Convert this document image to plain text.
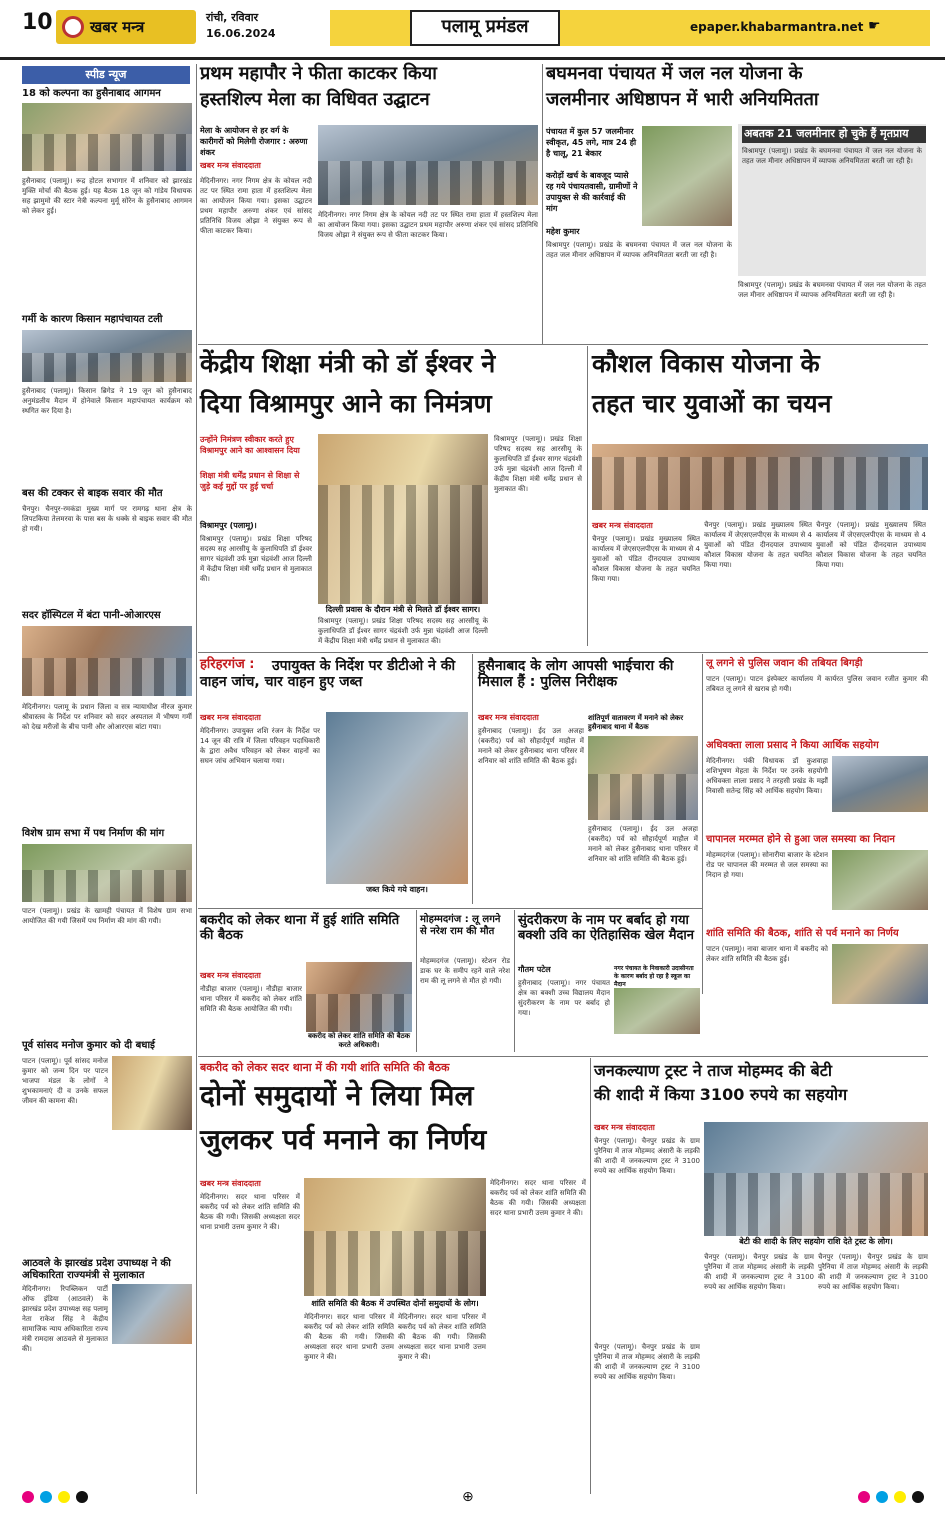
10 खबर मन्त्र
रांची, रविवार
16.06.2024	पलामू प्रमंडल	epaper.khabarmantra.net ☛
स्पीड न्यूज
18 को कल्पना का हुसैनाबाद आगमन
हुसैनाबाद (पलामू)। रूद्र होटल सभागार में शनिवार को झारखंड मुक्ति मोर्चा की बैठक हुई। यह बैठक 18 जून को गांडेय विधायक सह झामुमो की स्टार नेत्री कल्पना मुर्मू सोरेन के हुसैनाबाद आगमन को लेकर हुई।
गर्मी के कारण किसान महापंचायत टली
हुसैनाबाद (पलामू)। किसान ब्रिगेड ने 19 जून को हुसैनाबाद अनुमंडलीय मैदान में होनेवाले किसान महापंचायत कार्यक्रम को स्थगित कर दिया है।
बस की टक्कर से बाइक सवार की मौत
चैनपुर। चैनपुर-रमकंडा मुख्य मार्ग पर रामगढ़ थाना क्षेत्र के लिपटकिया तेलमरवा के पास बस के धक्के से बाइक सवार की मौत हो गयी।
सदर हॉस्पिटल में बंटा पानी-ओआरएस
मेदिनीनगर। पलामू के प्रधान जिला व सत्र न्यायाधीश नीरज कुमार श्रीवास्तव के निर्देश पर शनिवार को सदर अस्पताल में भीषण गर्मी को देख मरीजों के बीच पानी और ओआरएस बांटा गया।
विशेष ग्राम सभा में पथ निर्माण की मांग
पाटन (पलामू)। प्रखंड के खामही पंचायत में विशेष ग्राम सभा आयोजित की गयी जिसमें पथ निर्माण की मांग की गयी।
पूर्व सांसद मनोज कुमार को दी बधाई
पाटन (पलामू)। पूर्व सांसद मनोज कुमार को जन्म दिन पर पाटन भाजपा मंडल के लोगों ने शुभकामनाएं दी व उनके सफल जीवन की कामना की।
आठवले के झारखंड प्रदेश उपाध्यक्ष ने की अधिकारिता राज्यमंत्री से मुलाकात
मेदिनीनगर। रिपब्लिकन पार्टी ऑफ इंडिया (आठवले) के झारखंड प्रदेश उपाध्यक्ष सह पलामू नेता राकेश सिंह ने केंद्रीय सामाजिक न्याय अधिकारिता राज्य मंत्री रामदास आठवले से मुलाकात की।
प्रथम महापौर ने फीता काटकर किया
हस्तशिल्प मेला का विधिवत उद्घाटन
मेला के आयोजन से हर वर्ग के कारीगरों को मिलेगी रोजगार : अरुणा शंकर
खबर मन्त्र संवाददाता
मेदिनीनगर। नगर निगम क्षेत्र के कोयल नदी तट पर स्थित रामा हाता में हस्तशिल्प मेला का आयोजन किया गया। इसका उद्घाटन प्रथम महापौर अरुणा शंकर एवं सांसद प्रतिनिधि विजय ओझा ने संयुक्त रूप से फीता काटकर किया।
मेदिनीनगर। नगर निगम क्षेत्र के कोयल नदी तट पर स्थित रामा हाता में हस्तशिल्प मेला का आयोजन किया गया। इसका उद्घाटन प्रथम महापौर अरुणा शंकर एवं सांसद प्रतिनिधि विजय ओझा ने संयुक्त रूप से फीता काटकर किया।
बघमनवा पंचायत में जल नल योजना के
जलमीनार अधिष्ठापन में भारी अनियमितता
पंचायत में कुल 57 जलमीनार स्वीकृत, 45 लगे, मात्र 24 ही है चालू, 21 बेकार
करोड़ों खर्च के बावजूद प्यासे रह गये पंचायतवासी, ग्रामीणों ने उपायुक्त से की कार्रवाई की मांग
महेश कुमार
विश्रामपुर (पलामू)। प्रखंड के बघमनवा पंचायत में जल नल योजना के तहत जल मीनार अधिष्ठापन में व्यापक अनियमितता बरती जा रही है।
अबतक 21 जलमीनार हो चुके हैं मृतप्राय
विश्रामपुर (पलामू)। प्रखंड के बघमनवा पंचायत में जल नल योजना के तहत जल मीनार अधिष्ठापन में व्यापक अनियमितता बरती जा रही है।
विश्रामपुर (पलामू)। प्रखंड के बघमनवा पंचायत में जल नल योजना के तहत जल मीनार अधिष्ठापन में व्यापक अनियमितता बरती जा रही है।
केंद्रीय शिक्षा मंत्री को डॉ ईश्वर ने
दिया विश्रामपुर आने का निमंत्रण
उन्होंने निमंत्रण स्वीकार करते हुए विश्रामपुर आने का आश्वासन दिया
शिक्षा मंत्री धर्मेंद्र प्रधान से शिक्षा से जुड़े कई मुद्दों पर हुई चर्चा
दिल्ली प्रवास के दौरान मंत्री से मिलते डॉ ईश्वर सागर।
विश्रामपुर (पलामू)।
विश्रामपुर (पलामू)। प्रखंड शिक्षा परिषद सदस्य सह आरसीयू के कुलाधिपति डॉ ईश्वर सागर चंद्रवंशी उर्फ मुन्ना चंद्रवंशी आज दिल्ली में केंद्रीय शिक्षा मंत्री धर्मेंद्र प्रधान से मुलाकात की।
विश्रामपुर (पलामू)। प्रखंड शिक्षा परिषद सदस्य सह आरसीयू के कुलाधिपति डॉ ईश्वर सागर चंद्रवंशी उर्फ मुन्ना चंद्रवंशी आज दिल्ली में केंद्रीय शिक्षा मंत्री धर्मेंद्र प्रधान से मुलाकात की।
विश्रामपुर (पलामू)। प्रखंड शिक्षा परिषद सदस्य सह आरसीयू के कुलाधिपति डॉ ईश्वर सागर चंद्रवंशी उर्फ मुन्ना चंद्रवंशी आज दिल्ली में केंद्रीय शिक्षा मंत्री धर्मेंद्र प्रधान से मुलाकात की।
कौशल विकास योजना के
तहत चार युवाओं का चयन
खबर मन्त्र संवाददाता
चैनपुर (पलामू)। प्रखंड मुख्यालय स्थित कार्यालय में जेएसएलपीएस के माध्यम से 4 युवाओं को पंडित दीनदयाल उपाध्याय कौशल विकास योजना के तहत चयनित किया गया।
चैनपुर (पलामू)। प्रखंड मुख्यालय स्थित कार्यालय में जेएसएलपीएस के माध्यम से 4 युवाओं को पंडित दीनदयाल उपाध्याय कौशल विकास योजना के तहत चयनित किया गया।
चैनपुर (पलामू)। प्रखंड मुख्यालय स्थित कार्यालय में जेएसएलपीएस के माध्यम से 4 युवाओं को पंडित दीनदयाल उपाध्याय कौशल विकास योजना के तहत चयनित किया गया।
हरिहरगंज :	उपायुक्त के निर्देश पर डीटीओ ने की वाहन जांच, चार वाहन हुए जब्त
खबर मन्त्र संवाददाता
मेदिनीनगर। उपायुक्त शशि रंजन के निर्देश पर 14 जून की रात्रि में जिला परिवहन पदाधिकारी के द्वारा अवैध परिवहन को लेकर वाहनों का सघन जांच अभियान चलाया गया।
जब्त किये गये वाहन।
हुसैनाबाद के लोग आपसी भाईचारा की मिसाल हैं : पुलिस निरीक्षक
खबर मन्त्र संवाददाता	शांतिपूर्ण वातावरण में मनाने को लेकर हुसैनाबाद थाना में बैठक
हुसैनाबाद (पलामू)। ईद उल अजहा (बकरीद) पर्व को सौहार्दपूर्ण माहौल में मनाने को लेकर हुसैनाबाद थाना परिसर में शनिवार को शांति समिति की बैठक हुई।
हुसैनाबाद (पलामू)। ईद उल अजहा (बकरीद) पर्व को सौहार्दपूर्ण माहौल में मनाने को लेकर हुसैनाबाद थाना परिसर में शनिवार को शांति समिति की बैठक हुई।
लू लगने से पुलिस जवान की तबियत बिगड़ी
पाटन (पलामू)। पाटन इंस्पेक्टर कार्यालय में कार्यरत पुलिस जवान रजीत कुमार की तबियत लू लगने से खराब हो गयी।
अधिवक्ता लाला प्रसाद ने किया आर्थिक सहयोग
मेदिनीनगर। पंकी विधायक डॉ कुशवाहा शशिभूषण मेहता के निर्देश पर उनके सहयोगी अधिवक्ता लाला प्रसाद ने तरहसी प्रखंड के मझौं निवासी सतेन्द्र सिंह को आर्थिक सहयोग किया।
चापानल मरम्मत होने से हुआ जल समस्या का निदान
मोहम्मदगंज (पलामू)। सोनारीया बाजार के स्टेशन रोड पर चापानल की मरम्मत से जल समस्या का निदान हो गया।
शांति समिति की बैठक, शांति से पर्व मनाने का निर्णय
पाटन (पलामू)। नावा बाजार थाना में बकरीद को लेकर शांति समिति की बैठक हुई।
बकरीद को लेकर थाना में हुई शांति समिति की बैठक
खबर मन्त्र संवाददाता
बकरीद को लेकर शांति समिति की बैठक करते अधिकारी।
नौडीहा बाजार (पलामू)। नौडीहा बाजार थाना परिसर में बकरीद को लेकर शांति समिति की बैठक आयोजित की गयी।
मोहम्मदगंज : लू लगने से नरेश राम की मौत
मोहम्मदगंज (पलामू)। स्टेशन रोड डाक घर के समीप रहने वाले नरेश राम की लू लगने से मौत हो गयी।
सुंदरीकरण के नाम पर बर्बाद हो गया बक्शी उवि का ऐतिहासिक खेल मैदान
गौतम पटेल	नगर पंचायत के निवाकारी उदासीनता के कारण बर्बाद हो रहा है स्कूल का मैदान
हुसैनाबाद (पलामू)। नगर पंचायत क्षेत्र का बक्शी उच्च विद्यालय मैदान सुंदरीकरण के नाम पर बर्बाद हो गया।
बकरीद को लेकर सदर थाना में की गयी शांति समिति की बैठक
दोनों समुदायों ने लिया मिल
जुलकर पर्व मनाने का निर्णय
खबर मन्त्र संवाददाता
मेदिनीनगर। सदर थाना परिसर में बकरीद पर्व को लेकर शांति समिति की बैठक की गयी। जिसकी अध्यक्षता सदर थाना प्रभारी उत्तम कुमार ने की।
शांति समिति की बैठक में उपस्थित दोनों समुदायों के लोग।
मेदिनीनगर। सदर थाना परिसर में बकरीद पर्व को लेकर शांति समिति की बैठक की गयी। जिसकी अध्यक्षता सदर थाना प्रभारी उत्तम कुमार ने की।
मेदिनीनगर। सदर थाना परिसर में बकरीद पर्व को लेकर शांति समिति की बैठक की गयी। जिसकी अध्यक्षता सदर थाना प्रभारी उत्तम कुमार ने की।
मेदिनीनगर। सदर थाना परिसर में बकरीद पर्व को लेकर शांति समिति की बैठक की गयी। जिसकी अध्यक्षता सदर थाना प्रभारी उत्तम कुमार ने की।
जनकल्याण ट्रस्ट ने ताज मोहम्मद की बेटी
की शादी में किया 3100 रुपये का सहयोग
खबर मन्त्र संवाददाता
चैनपुर (पलामू)। चैनपुर प्रखंड के ग्राम पुरैनिया में ताज मोहम्मद अंसारी के लड़की की शादी में जनकल्याण ट्रस्ट ने 3100 रुपये का आर्थिक सहयोग किया।
बेटी की शादी के लिए सहयोग राशि देते ट्रस्ट के लोग।
चैनपुर (पलामू)। चैनपुर प्रखंड के ग्राम पुरैनिया में ताज मोहम्मद अंसारी के लड़की की शादी में जनकल्याण ट्रस्ट ने 3100 रुपये का आर्थिक सहयोग किया।
चैनपुर (पलामू)। चैनपुर प्रखंड के ग्राम पुरैनिया में ताज मोहम्मद अंसारी के लड़की की शादी में जनकल्याण ट्रस्ट ने 3100 रुपये का आर्थिक सहयोग किया।
चैनपुर (पलामू)। चैनपुर प्रखंड के ग्राम पुरैनिया में ताज मोहम्मद अंसारी के लड़की की शादी में जनकल्याण ट्रस्ट ने 3100 रुपये का आर्थिक सहयोग किया।
⊕
